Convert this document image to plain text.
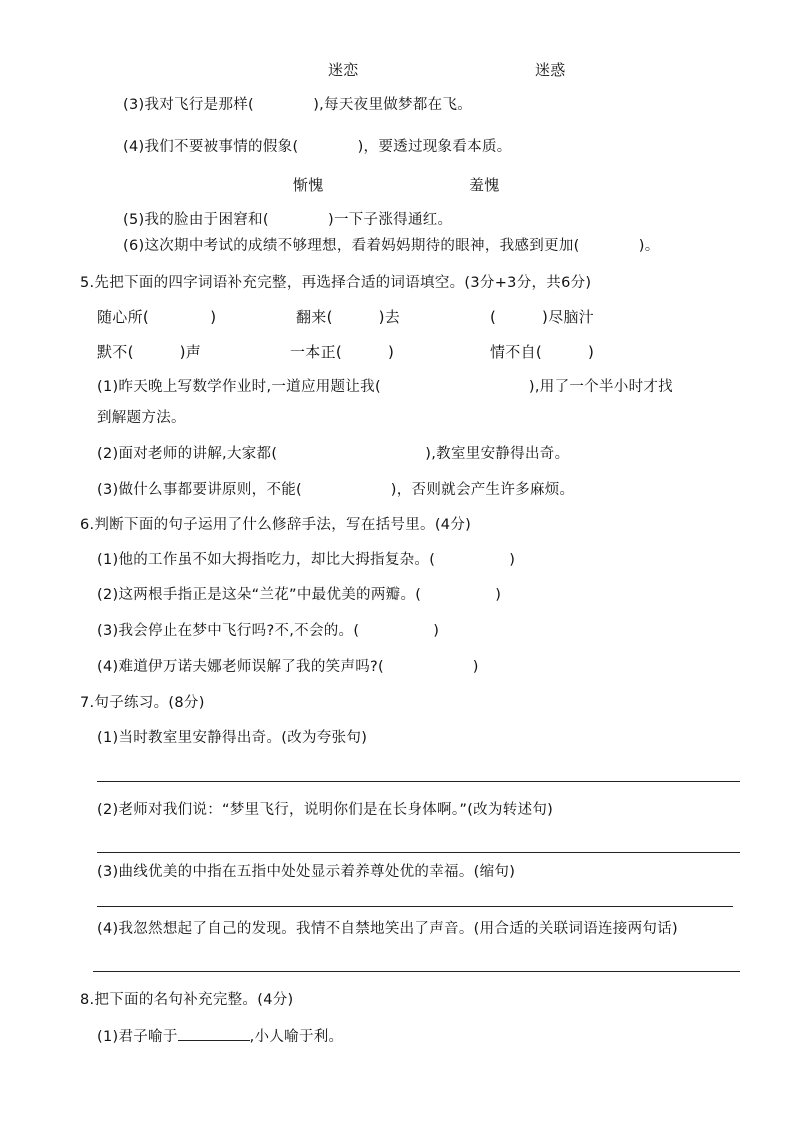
迷恋	迷惑
(3)我对飞行是那样(　　　　),每天夜里做梦都在飞。
(4)我们不要被事情的假象(　　　　)，要透过现象看本质。
惭愧	羞愧
(5)我的脸由于困窘和(　　　　)一下子涨得通红。
(6)这次期中考试的成绩不够理想，看着妈妈期待的眼神，我感到更加(　　　　)。
5.先把下面的四字词语补充完整，再选择合适的词语填空。(3分+3分，共6分)
随心所(　　　　)	翻来(　　　)去	(　　　)尽脑汁
默不(　　　)声	一本正(　　　)	情不自(　　　)
(1)昨天晚上写数学作业时,一道应用题让我(　　　　　　　　　　),用了一个半小时才找
到解题方法。
(2)面对老师的讲解,大家都(　　　　　　　　　　),教室里安静得出奇。
(3)做什么事都要讲原则，不能(　　　　　　)，否则就会产生许多麻烦。
6.判断下面的句子运用了什么修辞手法，写在括号里。(4分)
(1)他的工作虽不如大拇指吃力，却比大拇指复杂。(　　　　　)
(2)这两根手指正是这朵“兰花”中最优美的两瓣。(　　　　　)
(3)我会停止在梦中飞行吗?不,不会的。(　　　　　)
(4)难道伊万诺夫娜老师误解了我的笑声吗?(　　　　　　)
7.句子练习。(8分)
(1)当时教室里安静得出奇。(改为夸张句)
(2)老师对我们说：“梦里飞行，说明你们是在长身体啊。”(改为转述句)
(3)曲线优美的中指在五指中处处显示着养尊处优的幸福。(缩句)
(4)我忽然想起了自己的发现。我情不自禁地笑出了声音。(用合适的关联词语连接两句话)
8.把下面的名句补充完整。(4分)
(1)君子喻于	,小人喻于利。
